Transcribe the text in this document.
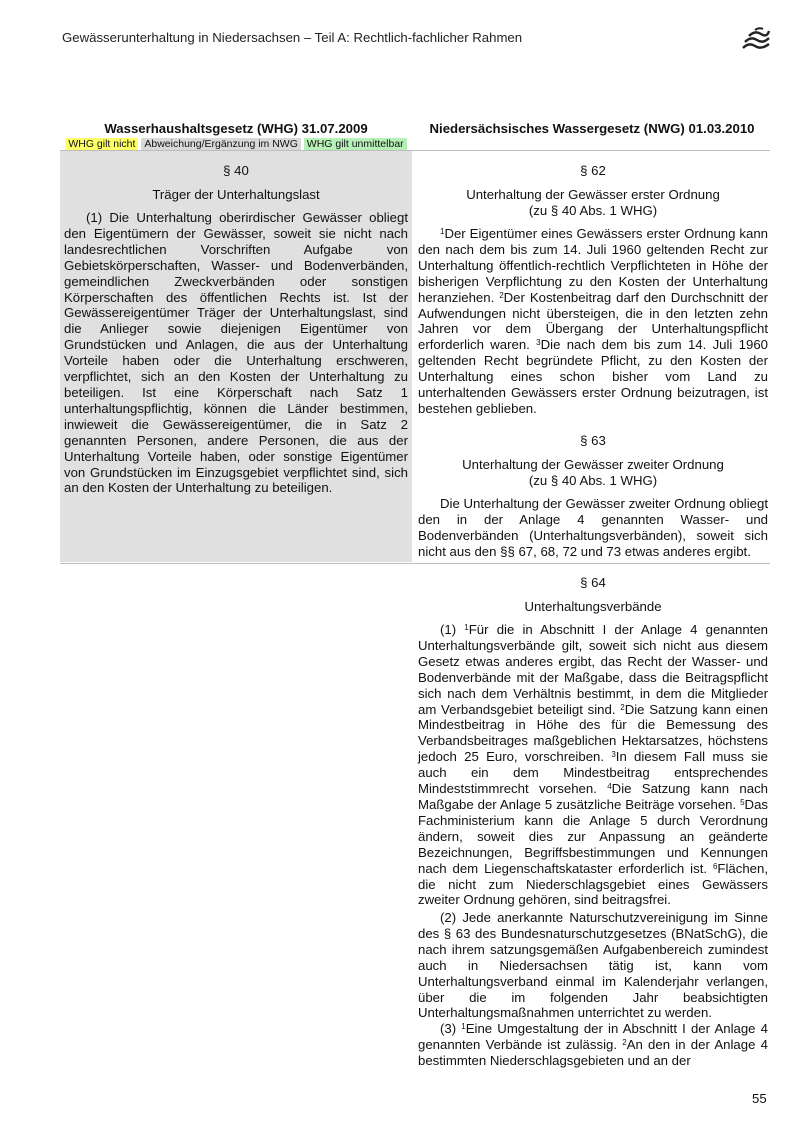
Gewässerunterhaltung in Niedersachsen – Teil A: Rechtlich-fachlicher Rahmen
Wasserhaushaltsgesetz (WHG) 31.07.2009
WHG gilt nicht Abweichung/Ergänzung im NWG WHG gilt unmittelbar
Niedersächsisches Wassergesetz (NWG) 01.03.2010
§ 40
Träger der Unterhaltungslast
(1) Die Unterhaltung oberirdischer Gewässer obliegt den Eigentümern der Gewässer, soweit sie nicht nach landesrechtlichen Vorschriften Aufgabe von Gebietskörperschaften, Wasser- und Bodenverbänden, gemeindlichen Zweckverbänden oder sonstigen Körperschaften des öffentlichen Rechts ist. Ist der Gewässereigentümer Träger der Unterhaltungslast, sind die Anlieger sowie diejenigen Eigentümer von Grundstücken und Anlagen, die aus der Unterhaltung Vorteile haben oder die Unterhaltung erschweren, verpflichtet, sich an den Kosten der Unterhaltung zu beteiligen. Ist eine Körperschaft nach Satz 1 unterhaltungspflichtig, können die Länder bestimmen, inwieweit die Gewässereigentümer, die in Satz 2 genannten Personen, andere Personen, die aus der Unterhaltung Vorteile haben, oder sonstige Eigentümer von Grundstücken im Einzugsgebiet verpflichtet sind, sich an den Kosten der Unterhaltung zu beteiligen.
§ 62
Unterhaltung der Gewässer erster Ordnung
(zu § 40 Abs. 1 WHG)
$^1$Der Eigentümer eines Gewässers erster Ordnung kann den nach dem bis zum 14. Juli 1960 geltenden Recht zur Unterhaltung öffentlich-rechtlich Verpflichteten in Höhe der bisherigen Verpflichtung zu den Kosten der Unterhaltung heranziehen. $^2$Der Kostenbeitrag darf den Durchschnitt der Aufwendungen nicht übersteigen, die in den letzten zehn Jahren vor dem Übergang der Unterhaltungspflicht erforderlich waren. $^3$Die nach dem bis zum 14. Juli 1960 geltenden Recht begründete Pflicht, zu den Kosten der Unterhaltung eines schon bisher vom Land zu unterhaltenden Gewässers erster Ordnung beizutragen, ist bestehen geblieben.
§ 63
Unterhaltung der Gewässer zweiter Ordnung
(zu § 40 Abs. 1 WHG)
Die Unterhaltung der Gewässer zweiter Ordnung obliegt den in der Anlage 4 genannten Wasser- und Bodenverbänden (Unterhaltungsverbänden), soweit sich nicht aus den §§ 67, 68, 72 und 73 etwas anderes ergibt.
§ 64
Unterhaltungsverbände
(1) $^1$Für die in Abschnitt I der Anlage 4 genannten Unterhaltungsverbände gilt, soweit sich nicht aus diesem Gesetz etwas anderes ergibt, das Recht der Wasser- und Bodenverbände mit der Maßgabe, dass die Beitragspflicht sich nach dem Verhältnis bestimmt, in dem die Mitglieder am Verbandsgebiet beteiligt sind. $^2$Die Satzung kann einen Mindestbeitrag in Höhe des für die Bemessung des Verbandsbeitrages maßgeblichen Hektarsatzes, höchstens jedoch 25 Euro, vorschreiben. $^3$In diesem Fall muss sie auch ein dem Mindestbeitrag entsprechendes Mindeststimmrecht vorsehen. $^4$Die Satzung kann nach Maßgabe der Anlage 5 zusätzliche Beiträge vorsehen. $^5$Das Fachministerium kann die Anlage 5 durch Verordnung ändern, soweit dies zur Anpassung an geänderte Bezeichnungen, Begriffsbestimmungen und Kennungen nach dem Liegenschaftskataster erforderlich ist. $^6$Flächen, die nicht zum Niederschlagsgebiet eines Gewässers zweiter Ordnung gehören, sind beitragsfrei.
(2) Jede anerkannte Naturschutzvereinigung im Sinne des § 63 des Bundesnaturschutzgesetzes (BNatSchG), die nach ihrem satzungsgemäßen Aufgabenbereich zumindest auch in Niedersachsen tätig ist, kann vom Unterhaltungsverband einmal im Kalenderjahr verlangen, über die im folgenden Jahr beabsichtigten Unterhaltungsmaßnahmen unterrichtet zu werden.
(3) $^1$Eine Umgestaltung der in Abschnitt I der Anlage 4 genannten Verbände ist zulässig. $^2$An den in der Anlage 4 bestimmten Niederschlagsgebieten und an der
55
